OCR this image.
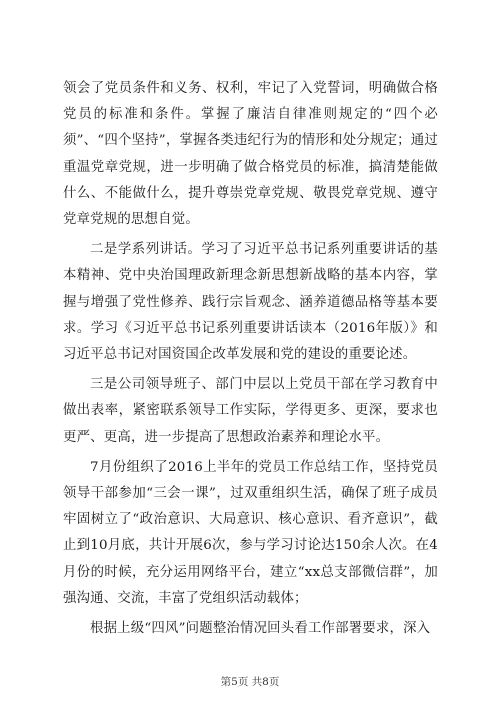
领会了党员条件和义务、权利，牢记了入党誓词，明确做合格党员的标准和条件。掌握了廉洁自律准则规定的“四个必须”、“四个坚持”，掌握各类违纪行为的情形和处分规定；通过重温党章党规，进一步明确了做合格党员的标准，搞清楚能做什么、不能做什么，提升尊崇党章党规、敬畏党章党规、遵守党章党规的思想自觉。

二是学系列讲话。学习了习近平总书记系列重要讲话的基本精神、党中央治国理政新理念新思想新战略的基本内容，掌握与增强了党性修养、践行宗旨观念、涵养道德品格等基本要求。学习《习近平总书记系列重要讲话读本（2016年版）》和习近平总书记对国资国企改革发展和党的建设的重要论述。

三是公司领导班子、部门中层以上党员干部在学习教育中做出表率，紧密联系领导工作实际，学得更多、更深，要求也更严、更高，进一步提高了思想政治素养和理论水平。

7月份组织了2016上半年的党员工作总结工作，坚持党员领导干部参加“三会一课”，过双重组织生活，确保了班子成员牢固树立了“政治意识、大局意识、核心意识、看齐意识”，截止到10月底，共计开展6次，参与学习讨论达150余人次。在4月份的时候，充分运用网络平台，建立“xx总支部微信群”，加强沟通、交流，丰富了党组织活动载体；

根据上级“四风”问题整治情况回头看工作部署要求，深入

第5页 共8页
